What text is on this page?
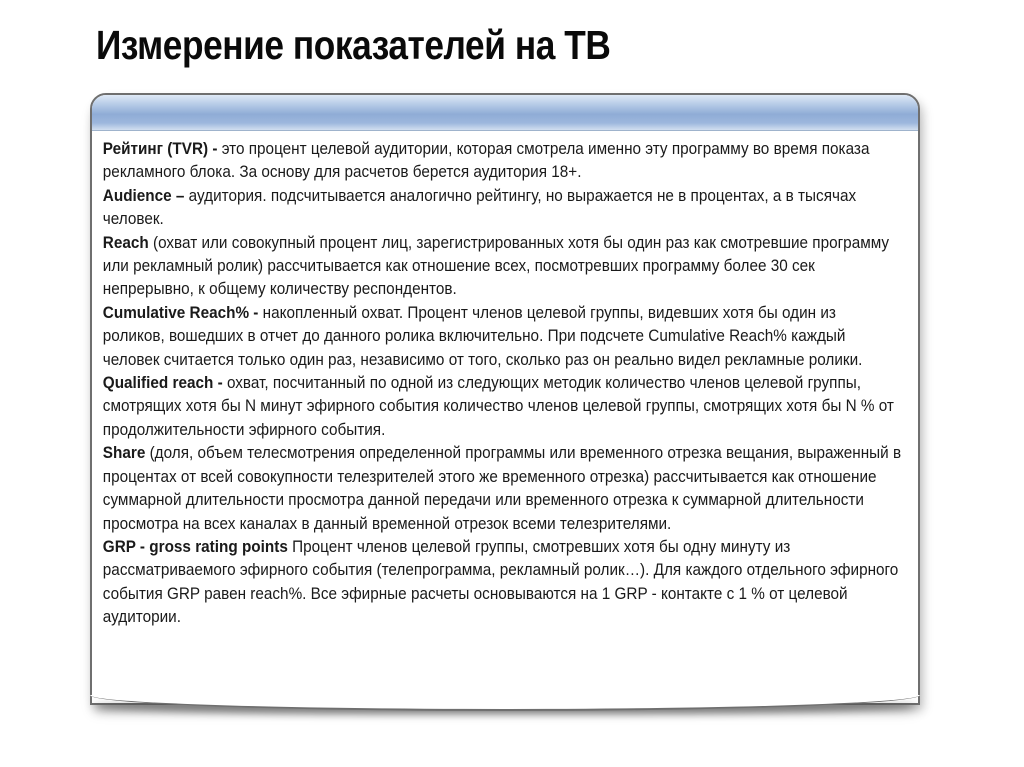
Измерение показателей на ТВ

Рейтинг (TVR) - это процент целевой аудитории, которая смотрела именно эту программу во время показа рекламного блока. За основу для расчетов берется аудитория 18+.

Audience – аудитория. подсчитывается аналогично рейтингу, но выражается не в процентах, а в тысячах человек.

Reach (охват или совокупный процент лиц, зарегистрированных хотя бы один раз как смотревшие программу или рекламный ролик) рассчитывается как отношение всех, посмотревших программу более 30 сек непрерывно, к общему количеству респондентов.

Cumulative Reach% - накопленный охват. Процент членов целевой группы, видевших хотя бы один из роликов, вошедших в отчет до данного ролика включительно. При подсчете Cumulative Reach% каждый человек считается только один раз, независимо от того, сколько раз он реально видел рекламные ролики.

Qualified reach - охват, посчитанный по одной из следующих методик количество членов целевой группы, смотрящих хотя бы N минут эфирного события количество членов целевой группы, смотрящих хотя бы N % от продолжительности эфирного события.

Share (доля, объем телесмотрения определенной программы или временного отрезка вещания, выраженный в процентах от всей совокупности телезрителей этого же временного отрезка) рассчитывается как отношение суммарной длительности просмотра данной передачи или временного отрезка к суммарной длительности просмотра на всех каналах в данный временной отрезок всеми телезрителями.

GRP - gross rating points Процент членов целевой группы, смотревших хотя бы одну минуту из рассматриваемого эфирного события (телепрограмма, рекламный ролик…). Для каждого отдельного эфирного события GRP равен reach%. Все эфирные расчеты основываются на 1 GRP - контакте с 1 % от целевой аудитории.
